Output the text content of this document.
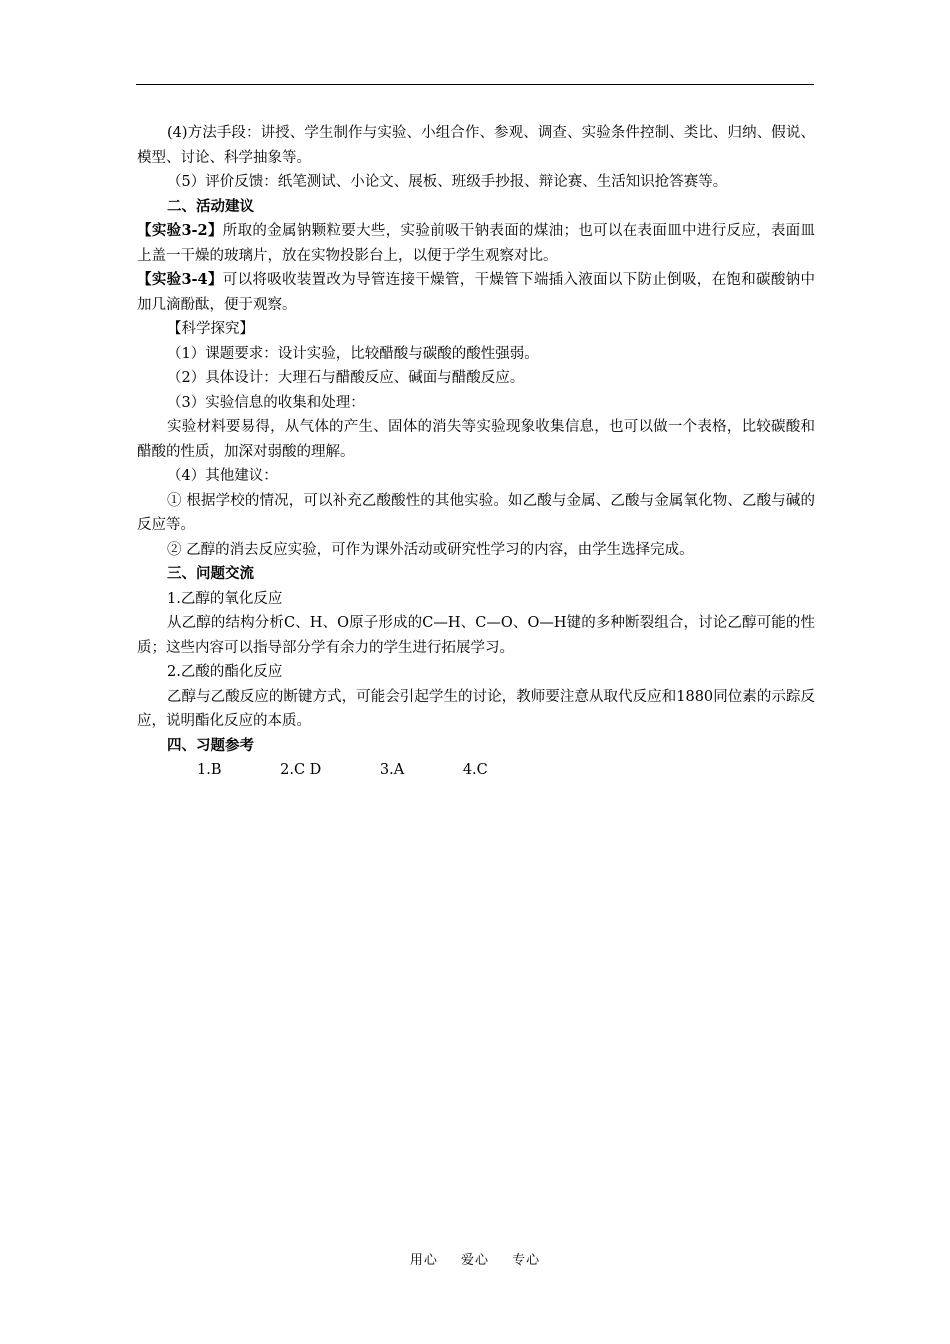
(4)方法手段：讲授、学生制作与实验、小组合作、参观、调查、实验条件控制、类比、归纳、假说、模型、讨论、科学抽象等。

（5）评价反馈：纸笔测试、小论文、展板、班级手抄报、辩论赛、生活知识抢答赛等。

二、活动建议

【实验3-2】所取的金属钠颗粒要大些，实验前吸干钠表面的煤油；也可以在表面皿中进行反应，表面皿上盖一干燥的玻璃片，放在实物投影台上，以便于学生观察对比。

【实验3-4】可以将吸收装置改为导管连接干燥管，干燥管下端插入液面以下防止倒吸，在饱和碳酸钠中加几滴酚酞，便于观察。

【科学探究】

（1）课题要求：设计实验，比较醋酸与碳酸的酸性强弱。

（2）具体设计：大理石与醋酸反应、碱面与醋酸反应。

（3）实验信息的收集和处理：

实验材料要易得，从气体的产生、固体的消失等实验现象收集信息，也可以做一个表格，比较碳酸和醋酸的性质，加深对弱酸的理解。

（4）其他建议：

① 根据学校的情况，可以补充乙酸酸性的其他实验。如乙酸与金属、乙酸与金属氧化物、乙酸与碱的反应等。

② 乙醇的消去反应实验，可作为课外活动或研究性学习的内容，由学生选择完成。

三、问题交流

1.乙醇的氧化反应

从乙醇的结构分析C、H、O原子形成的C—H、C—O、O—H键的多种断裂组合，讨论乙醇可能的性质；这些内容可以指导部分学有余力的学生进行拓展学习。

2.乙酸的酯化反应

乙醇与乙酸反应的断键方式，可能会引起学生的讨论，教师要注意从取代反应和1880同位素的示踪反应，说明酯化反应的本质。

四、习题参考

1.B	2.C D	3.A	4.C

用心 爱心 专心
